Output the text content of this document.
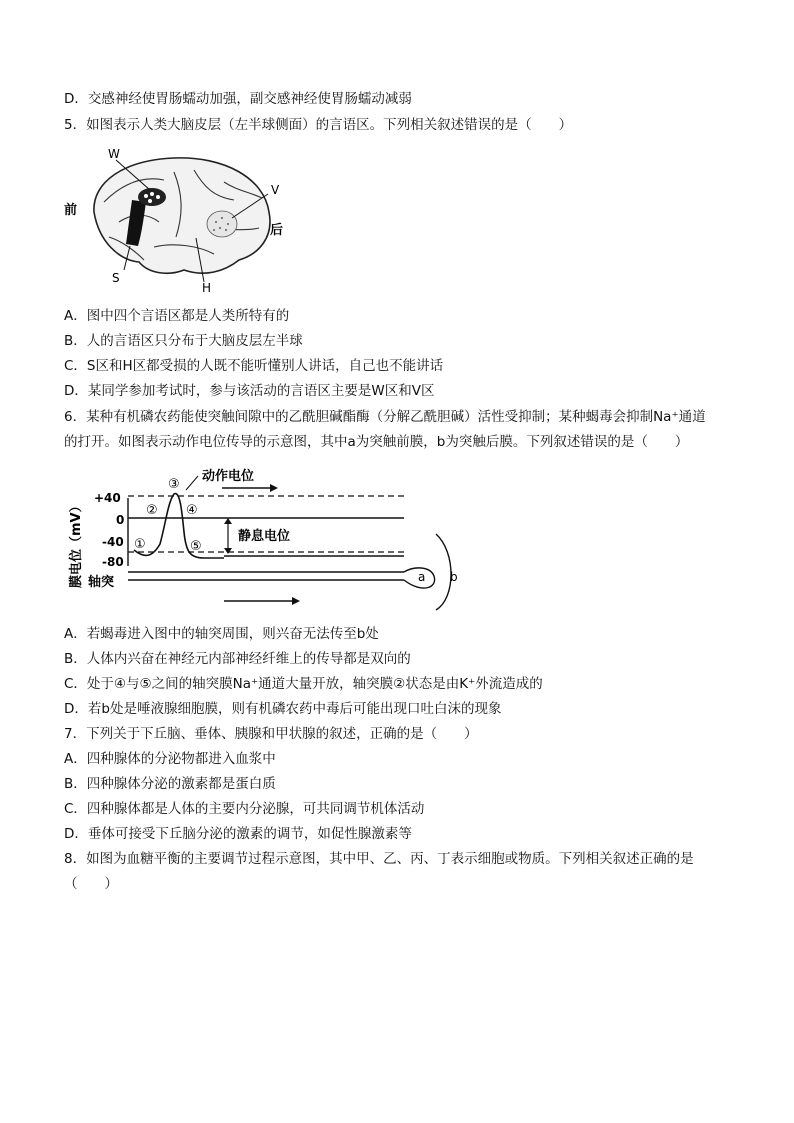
D．交感神经使胃肠蠕动加强，副交感神经使胃肠蠕动减弱
5．如图表示人类大脑皮层（左半球侧面）的言语区。下列相关叙述错误的是（　　）
W
V
S
H
前
后
A．图中四个言语区都是人类所特有的
B．人的言语区只分布于大脑皮层左半球
C．S区和H区都受损的人既不能听懂别人讲话，自己也不能讲话
D．某同学参加考试时，参与该活动的言语区主要是W区和V区
6．某种有机磷农药能使突触间隙中的乙酰胆碱酯酶（分解乙酰胆碱）活性受抑制；某种蝎毒会抑制Na⁺通道
的打开。如图表示动作电位传导的示意图，其中a为突触前膜，b为突触后膜。下列叙述错误的是（　　）
膜电位（mV）
+40
0
-40
-80
①
②
③
④
⑤
动作电位
静息电位
轴突	a b
A．若蝎毒进入图中的轴突周围，则兴奋无法传至b处
B．人体内兴奋在神经元内部神经纤维上的传导都是双向的
C．处于④与⑤之间的轴突膜Na⁺通道大量开放，轴突膜②状态是由K⁺外流造成的
D．若b处是唾液腺细胞膜，则有机磷农药中毒后可能出现口吐白沫的现象
7．下列关于下丘脑、垂体、胰腺和甲状腺的叙述，正确的是（　　）
A．四种腺体的分泌物都进入血浆中
B．四种腺体分泌的激素都是蛋白质
C．四种腺体都是人体的主要内分泌腺，可共同调节机体活动
D．垂体可接受下丘脑分泌的激素的调节，如促性腺激素等
8．如图为血糖平衡的主要调节过程示意图，其中甲、乙、丙、丁表示细胞或物质。下列相关叙述正确的是
（　　）
